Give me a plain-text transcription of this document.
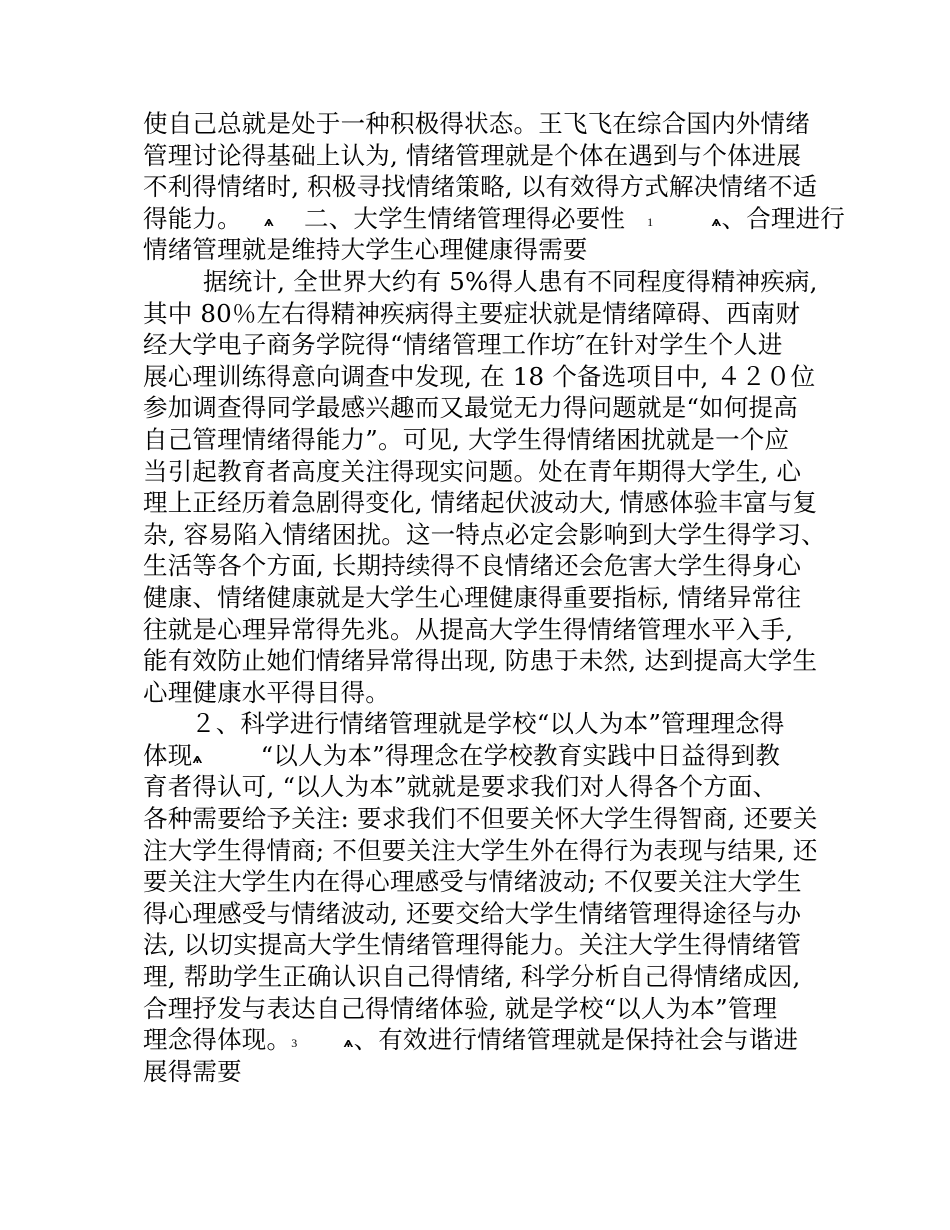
使自己总就是处于一种积极得状态。王飞飞在综合国内外情绪
管理讨论得基础上认为, 情绪管理就是个体在遇到与个体进展
不利得情绪时, 积极寻找情绪策略, 以有效得方式解决情绪不适
得能力。 ѧ 二、大学生情绪管理得必要性 1	ѧ、合理进行
情绪管理就是维持大学生心理健康得需要
据统计, 全世界大约有 5%得人患有不同程度得精神疾病,
其中 80％左右得精神疾病得主要症状就是情绪障碍、西南财
经大学电子商务学院得“情绪管理工作坊″在针对学生个人进
展心理训练得意向调查中发现, 在 18 个备选项目中, ４２０位
参加调查得同学最感兴趣而又最觉无力得问题就是“如何提高
自己管理情绪得能力”。可见, 大学生得情绪困扰就是一个应
当引起教育者高度关注得现实问题。处在青年期得大学生, 心
理上正经历着急剧得变化, 情绪起伏波动大, 情感体验丰富与复
杂, 容易陷入情绪困扰。这一特点必定会影响到大学生得学习、
生活等各个方面, 长期持续得不良情绪还会危害大学生得身心
健康、情绪健康就是大学生心理健康得重要指标, 情绪异常往
往就是心理异常得先兆。从提高大学生得情绪管理水平入手,
能有效防止她们情绪异常得出现, 防患于未然, 达到提高大学生
心理健康水平得目得。
２、科学进行情绪管理就是学校“以人为本”管理理念得
体现ѧ “以人为本”得理念在学校教育实践中日益得到教
育者得认可, “以人为本”就就是要求我们对人得各个方面、
各种需要给予关注: 要求我们不但要关怀大学生得智商, 还要关
注大学生得情商; 不但要关注大学生外在得行为表现与结果, 还
要关注大学生内在得心理感受与情绪波动; 不仅要关注大学生
得心理感受与情绪波动, 还要交给大学生情绪管理得途径与办
法, 以切实提高大学生情绪管理得能力。关注大学生得情绪管
理, 帮助学生正确认识自己得情绪, 科学分析自己得情绪成因,
合理抒发与表达自己得情绪体验, 就是学校“以人为本”管理
理念得体现。3	ѧ、有效进行情绪管理就是保持社会与谐进
展得需要
